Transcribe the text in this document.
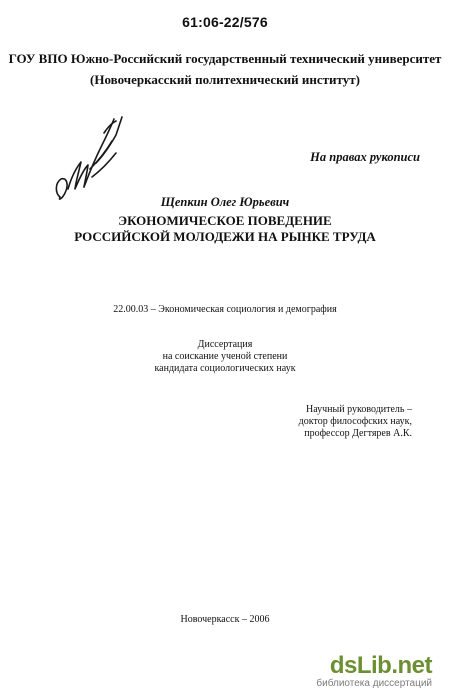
61:06-22/576
ГОУ ВПО Южно-Российский государственный технический университет
(Новочеркасский политехнический институт)
На правах рукописи
Щепкин Олег Юрьевич
ЭКОНОМИЧЕСКОЕ ПОВЕДЕНИЕ
РОССИЙСКОЙ МОЛОДЕЖИ НА РЫНКЕ ТРУДА
22.00.03 – Экономическая социология и демография
Диссертация
на соискание ученой степени
кандидата социологических наук
Научный руководитель –
доктор философских наук,
профессор Дегтярев А.К.
Новочеркасск – 2006
dsLib.net
библиотека диссертаций
